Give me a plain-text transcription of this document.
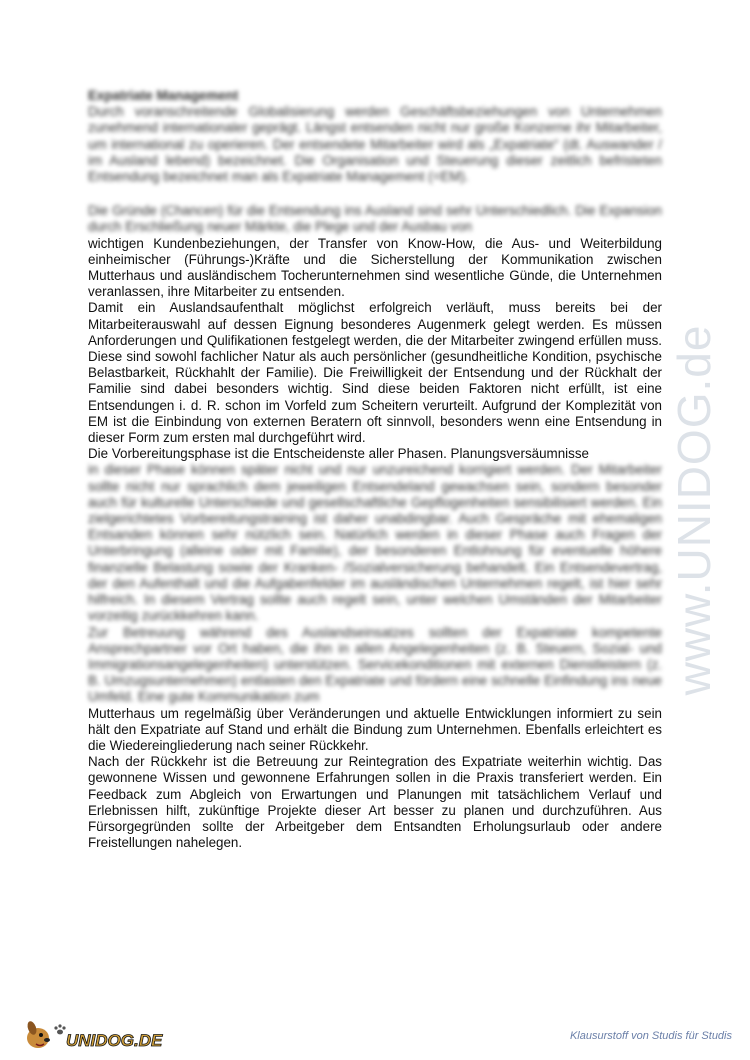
www.UNIDOG.de

Expatriate Management

Durch voranschreitende Globalisierung werden Geschäftsbeziehungen von Unternehmen zunehmend internationaler geprägt. Längst entsenden nicht nur große Konzerne ihr Mitarbeiter, um international zu operieren. Der entsendete Mitarbeiter wird als „Expatriate“ (dt. Auswander / im Ausland lebend) bezeichnet. Die Organisation und Steuerung dieser zeitlich befristeten Entsendung bezeichnet man als Expatriate Management (=EM).

Die Gründe (Chancen) für die Entsendung ins Ausland sind sehr Unterschiedlich. Die Expansion durch Erschließung neuer Märkte, die Plege und der Ausbau von

wichtigen Kundenbeziehungen, der Transfer von Know-How, die Aus- und Weiterbildung einheimischer (Führungs-)Kräfte und die Sicherstellung der Kommunikation zwischen Mutterhaus und ausländischem Tocherunternehmen sind wesentliche Günde, die Unternehmen veranlassen, ihre Mitarbeiter zu entsenden.

Damit ein Auslandsaufenthalt möglichst erfolgreich verläuft, muss bereits bei der Mitarbeiterauswahl auf dessen Eignung besonderes Augenmerk gelegt werden. Es müssen Anforderungen und Qulifikationen festgelegt werden, die der Mitarbeiter zwingend erfüllen muss. Diese sind sowohl fachlicher Natur als auch persönlicher (gesundheitliche Kondition, psychische Belastbarkeit, Rückhahlt der Familie). Die Freiwilligkeit der Entsendung und der Rückhalt der Familie sind dabei besonders wichtig. Sind diese beiden Faktoren nicht erfüllt, ist eine Entsendungen i. d. R. schon im Vorfeld zum Scheitern verurteilt. Aufgrund der Komplezität von EM ist die Einbindung von externen Beratern oft sinnvoll, besonders wenn eine Entsendung in dieser Form zum ersten mal durchgeführt wird.

Die Vorbereitungsphase ist die Entscheidenste aller Phasen. Planungsversäumnisse

in dieser Phase können später nicht und nur unzureichend korrigiert werden. Der Mitarbeiter sollte nicht nur sprachlich dem jeweiligen Entsendeland gewachsen sein, sondern besonder auch für kulturelle Unterschiede und gesellschaftliche Gepflogenheiten sensibilisiert werden. Ein zielgerichtetes Vorbereitungstraining ist daher unabdingbar. Auch Gespräche mit ehemaligen Entsanden können sehr nützlich sein. Natürlich werden in dieser Phase auch Fragen der Unterbringung (alleine oder mit Familie), der besonderen Entlohnung für eventuelle höhere finanzielle Belastung sowie der Kranken- /Sozialversicherung behandelt. Ein Entsendevertrag, der den Aufenthalt und die Aufgabenfelder im ausländischen Unternehmen regelt, ist hier sehr hilfreich. In diesem Vertrag sollte auch regelt sein, unter welchen Umständen der Mitarbeiter vorzeitig zurückkehren kann.

Zur Betreuung während des Auslandseinsatzes sollten der Expatriate kompetente Ansprechpartner vor Ort haben, die ihn in allen Angelegenheiten (z. B. Steuern, Sozial- und Immigrationsangelegenheiten) unterstützen. Servicekonditionen mit externen Dienstleistern (z. B. Umzugsunternehmen) entlasten den Expatriate und fördern eine schnelle Einfindung ins neue Umfeld. Eine gute Kommunikation zum

Mutterhaus um regelmäßig über Veränderungen und aktuelle Entwicklungen informiert zu sein hält den Expatriate auf Stand und erhält die Bindung zum Unternehmen. Ebenfalls erleichtert es die Wiedereingliederung nach seiner Rückkehr.

Nach der Rückkehr ist die Betreuung zur Reintegration des Expatriate weiterhin wichtig. Das gewonnene Wissen und gewonnene Erfahrungen sollen in die Praxis transferiert werden. Ein Feedback zum Abgleich von Erwartungen und Planungen mit tatsächlichem Verlauf und Erlebnissen hilft, zukünftige Projekte dieser Art besser zu planen und durchzuführen. Aus Fürsorgegründen sollte der Arbeitgeber dem Entsandten Erholungsurlaub oder andere Freistellungen nahelegen.

UNIDOG.DE	Klausurstoff von Studis für Studis
